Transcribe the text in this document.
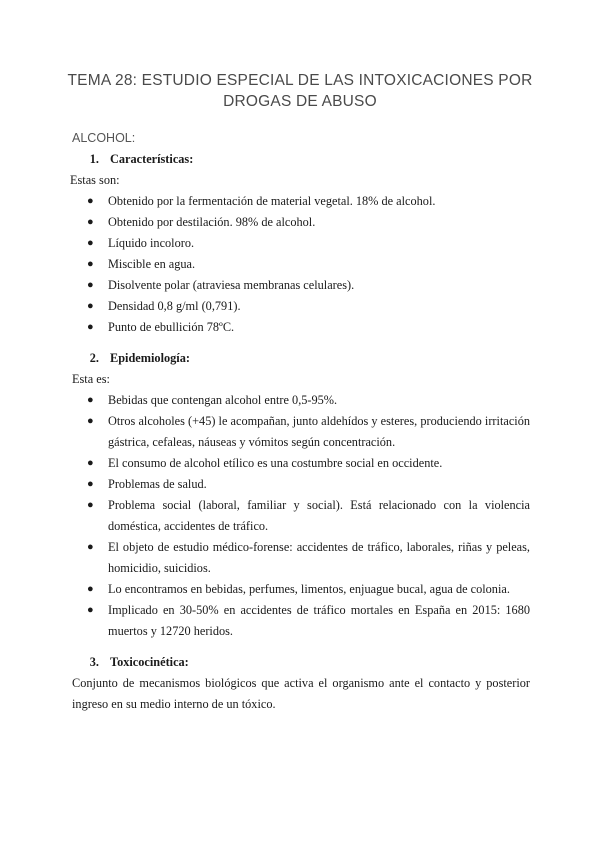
TEMA 28: ESTUDIO ESPECIAL DE LAS INTOXICACIONES POR
DROGAS DE ABUSO
ALCOHOL:
1. Características:
Estas son:
● Obtenido por la fermentación de material vegetal. 18% de alcohol.
● Obtenido por destilación. 98% de alcohol.
● Líquido incoloro.
● Miscible en agua.
● Disolvente polar (atraviesa membranas celulares).
● Densidad 0,8 g/ml (0,791).
● Punto de ebullición 78ºC.
2. Epidemiología:
Esta es:
● Bebidas que contengan alcohol entre 0,5-95%.
● Otros alcoholes (+45) le acompañan, junto aldehídos y esteres, produciendo irritación gástrica, cefaleas, náuseas y vómitos según concentración.
● El consumo de alcohol etílico es una costumbre social en occidente.
● Problemas de salud.
● Problema social (laboral, familiar y social). Está relacionado con la violencia doméstica, accidentes de tráfico.
● El objeto de estudio médico-forense: accidentes de tráfico, laborales, riñas y peleas, homicidio, suicidios.
● Lo encontramos en bebidas, perfumes, limentos, enjuague bucal, agua de colonia.
● Implicado en 30-50% en accidentes de tráfico mortales en España en 2015: 1680 muertos y 12720 heridos.
3. Toxicocinética:

Conjunto de mecanismos biológicos que activa el organismo ante el contacto y posterior ingreso en su medio interno de un tóxico.
